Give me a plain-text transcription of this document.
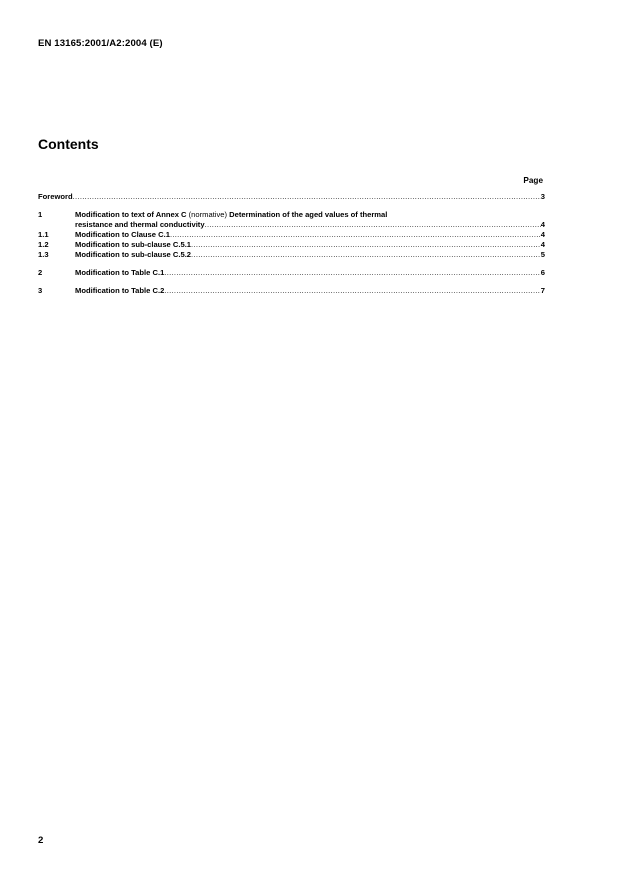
EN 13165:2001/A2:2004 (E)
Contents
Page
Foreword .....	3
1	Modification to text of Annex C (normative) Determination of the aged values of thermal
resistance and thermal conductivity .....	4
1.1	Modification to Clause C.1 .....	4
1.2	Modification to sub-clause C.5.1 .....	4
1.3	Modification to sub-clause C.5.2 .....	5
2	Modification to Table C.1 .....	6
3	Modification to Table C.2 .....	7
2
